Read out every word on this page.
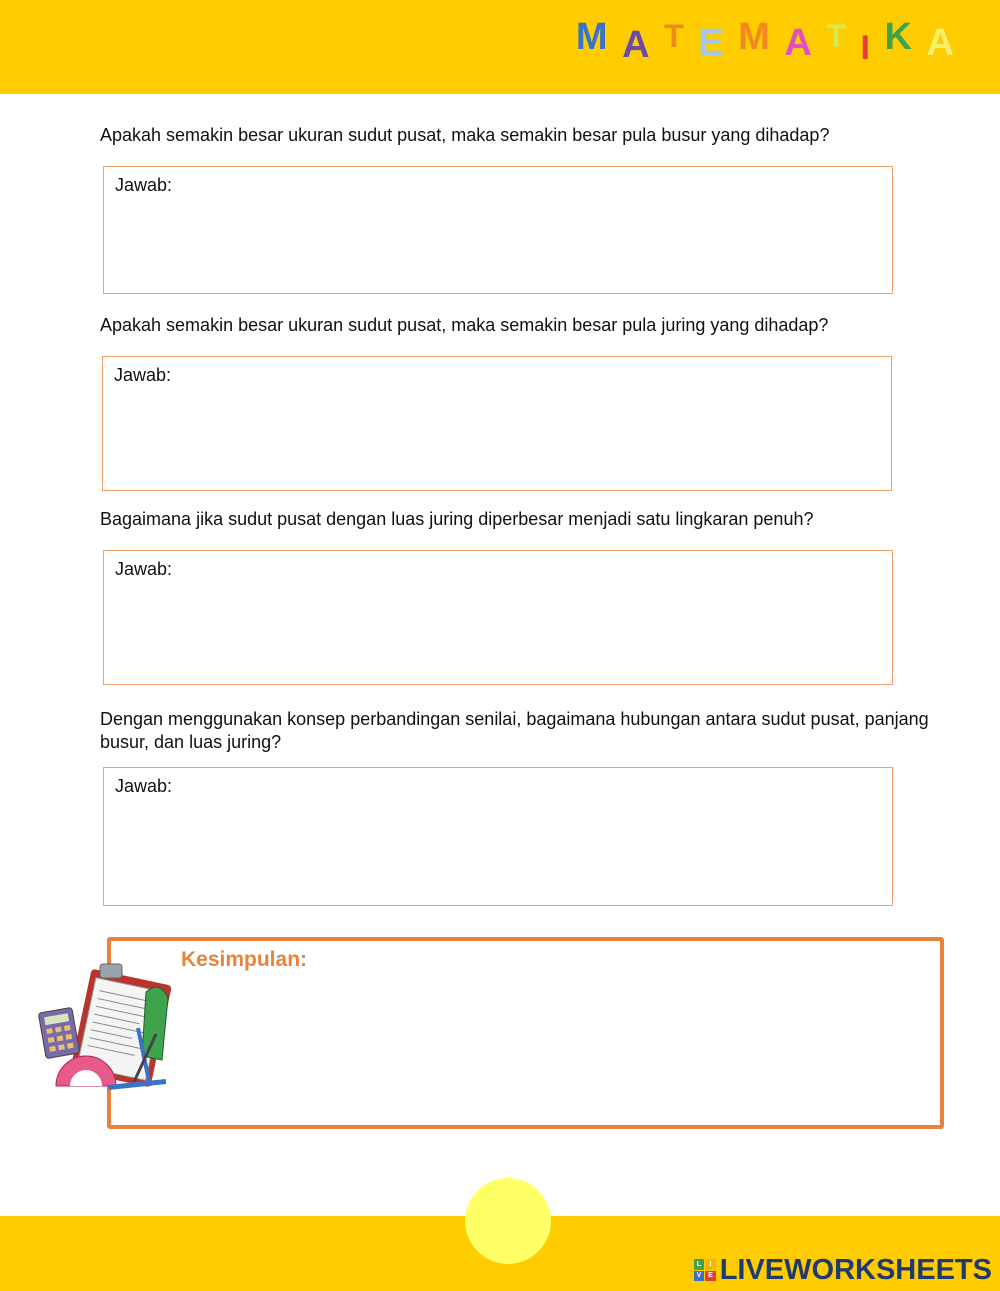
M A T E M A T I K A
Apakah semakin besar ukuran sudut pusat, maka semakin besar pula busur yang dihadap?
Jawab:
Apakah semakin besar ukuran sudut pusat, maka semakin besar pula juring yang dihadap?
Jawab:
Bagaimana jika sudut pusat dengan luas juring diperbesar menjadi satu lingkaran penuh?
Jawab:
Dengan menggunakan konsep perbandingan senilai, bagaimana hubungan antara sudut pusat, panjang busur, dan luas juring?
Jawab:
Kesimpulan:
L	I
V E LIVEWORKSHEETS
